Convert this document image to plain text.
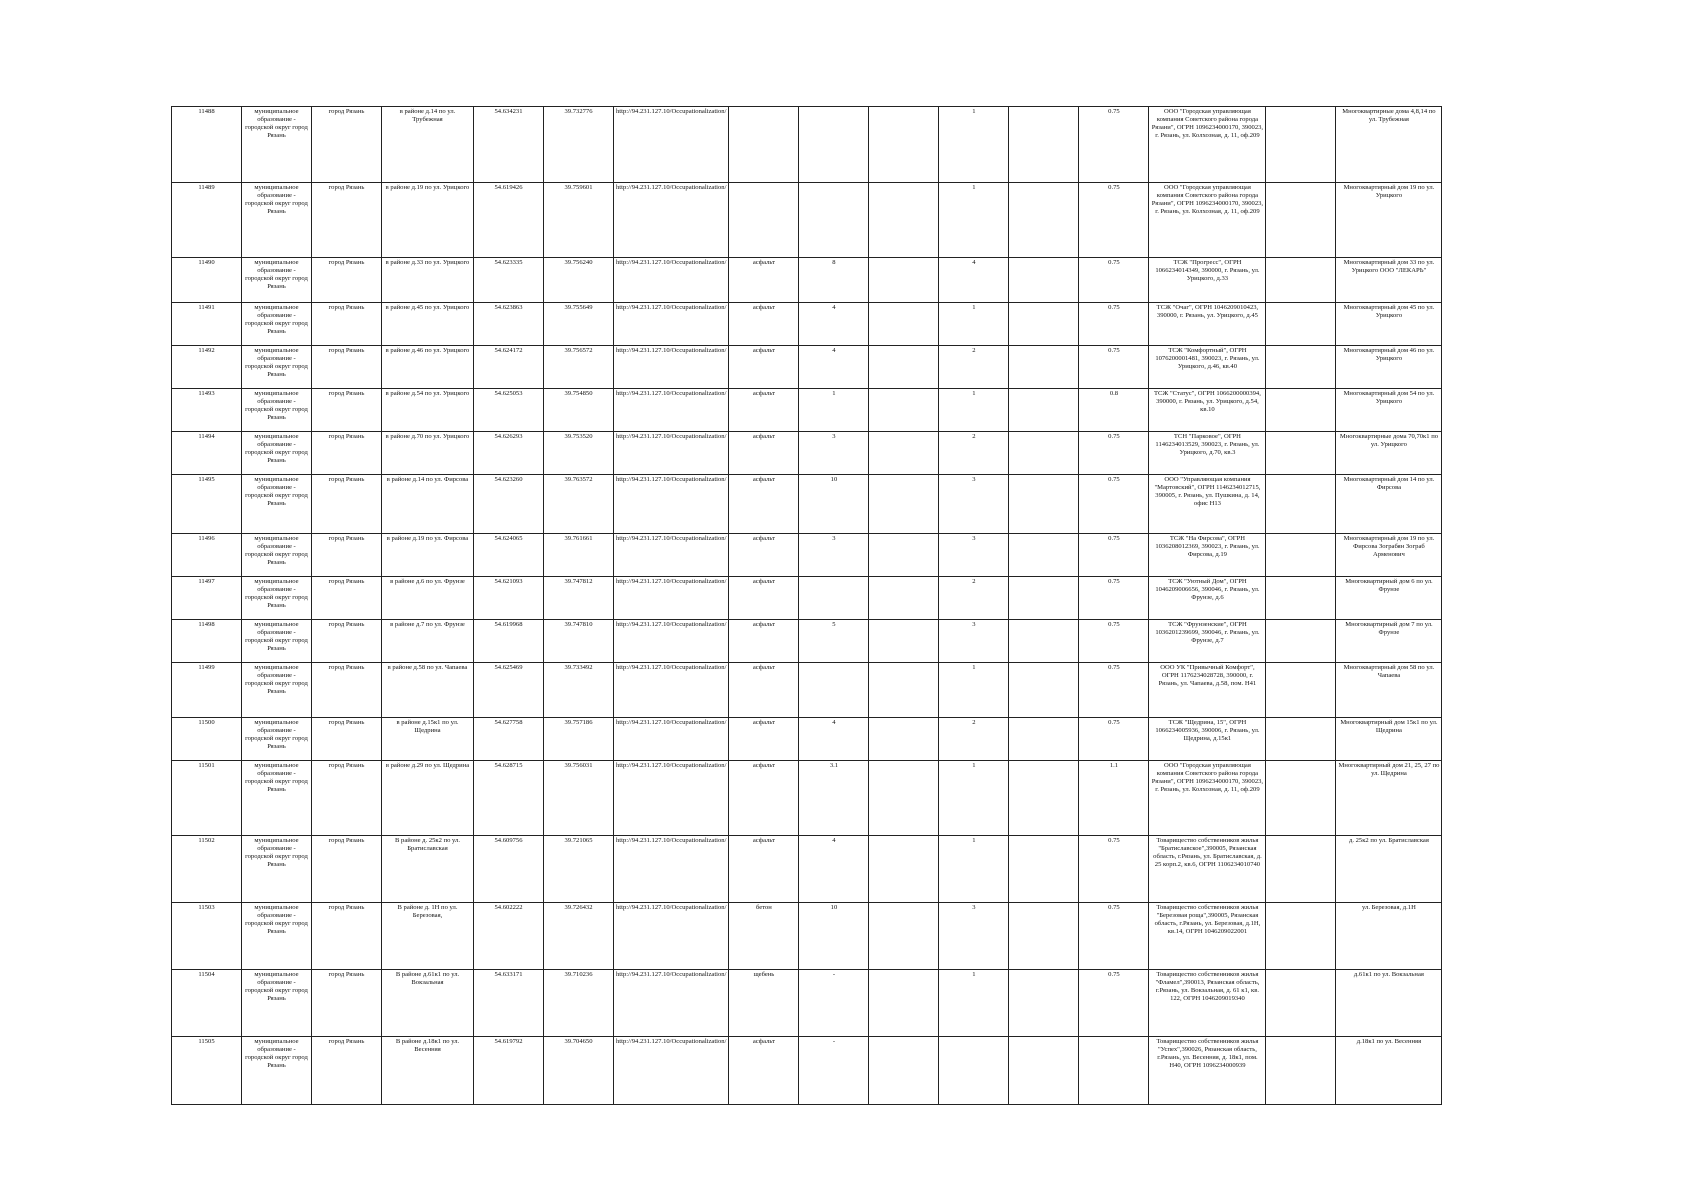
11488	муниципальное образование - городской округ город Рязань	город Рязань	в районе д.14 по ул. Трубежная	54.634231	39.732776	http://94.231.127.10/Occupationalization/				1		0.75	ООО "Городская управляющая компания Советского района города Рязани", ОГРН 1096234000170, 390023, г. Рязань, ул. Колхозная, д. 11, оф.209		Многоквартирные дома 4,8,14 по ул. Трубежная
11489	муниципальное образование - городской округ город Рязань	город Рязань	в районе д.19 по ул. Урицкого	54.619426	39.759601	http://94.231.127.10/Occupationalization/				1		0.75	ООО "Городская управляющая компания Советского района города Рязани", ОГРН 1096234000170, 390023, г. Рязань, ул. Колхозная, д. 11, оф.209		Многоквартирный дом 19 по ул. Урицкого
11490	муниципальное образование - городской округ город Рязань	город Рязань	в районе д.33 по ул. Урицкого	54.623335	39.756240	http://94.231.127.10/Occupationalization/	асфальт	8		4		0.75	ТСЖ "Прогресс", ОГРН 1066234014349, 390000, г. Рязань, ул. Урицкого, д.33		Многоквартирный дом 33 по ул. Урицкого ООО "ЛЕКАРЬ"
11491	муниципальное образование - городской округ город Рязань	город Рязань	в районе д.45 по ул. Урицкого	54.623863	39.755649	http://94.231.127.10/Occupationalization/	асфальт	4		1		0.75	ТСЖ "Очаг", ОГРН 1046209010423, 390000, г. Рязань, ул. Урицкого, д.45		Многоквартирный дом 45 по ул. Урицкого
11492	муниципальное образование - городской округ город Рязань	город Рязань	в районе д.46 по ул. Урицкого	54.624172	39.756572	http://94.231.127.10/Occupationalization/	асфальт	4		2		0.75	ТСЖ "Комфортный", ОГРН 1076200001481, 390023, г. Рязань, ул. Урицкого, д.46, кв.40		Многоквартирный дом 46 по ул. Урицкого
11493	муниципальное образование - городской округ город Рязань	город Рязань	в районе д.54 по ул. Урицкого	54.625053	39.754850	http://94.231.127.10/Occupationalization/	асфальт	1		1		0.8	ТСЖ "Статус", ОГРН 1066200000394, 390000, г. Рязань, ул. Урицкого, д.54, кв.10		Многоквартирный дом 54 по ул. Урицкого
11494	муниципальное образование - городской округ город Рязань	город Рязань	в районе д.70 по ул. Урицкого	54.626293	39.753520	http://94.231.127.10/Occupationalization/	асфальт	3		2		0.75	ТСН "Парковое", ОГРН 1146234013529, 390023, г. Рязань, ул. Урицкого, д.70, кв.3		Многоквартирные дома 70,70к1 по ул. Урицкого
11495	муниципальное образование - городской округ город Рязань	город Рязань	в районе д.14 по ул. Фирсова	54.623260	39.763572	http://94.231.127.10/Occupationalization/	асфальт	10		3		0.75	ООО "Управляющая компания "Мартовский", ОГРН 1146234012715, 390005, г. Рязань, ул. Пушкина, д. 14, офис Н13		Многоквартирный дом 14 по ул. Фирсова
11496	муниципальное образование - городской округ город Рязань	город Рязань	в районе д.19 по ул. Фирсова	54.624065	39.761661	http://94.231.127.10/Occupationalization/	асфальт	3		3		0.75	ТСЖ "На Фирсова", ОГРН 1036208012369, 390023, г. Рязань, ул. Фирсова, д.19		Многоквартирный дом 19 по ул. Фирсова Зограбян Зограб Арменович
11497	муниципальное образование - городской округ город Рязань	город Рязань	в районе д.6 по ул. Фрунзе	54.621093	39.747812	http://94.231.127.10/Occupationalization/	асфальт			2		0.75	ТСЖ "Уютный Дом", ОГРН 1046209006656, 390046, г. Рязань, ул. Фрунзе, д.6		Многоквартирный дом 6 по ул. Фрунзе
11498	муниципальное образование - городской округ город Рязань	город Рязань	в районе д.7 по ул. Фрунзе	54.619968	39.747810	http://94.231.127.10/Occupationalization/	асфальт	5		3		0.75	ТСЖ "Фрунзенские", ОГРН 1036201239699, 390046, г. Рязань, ул. Фрунзе, д.7		Многоквартирный дом 7 по ул. Фрунзе
11499	муниципальное образование - городской округ город Рязань	город Рязань	в районе д.58 по ул. Чапаева	54.625469	39.733492	http://94.231.127.10/Occupationalization/	асфальт			1		0.75	ООО УК "Привычный Комфорт", ОГРН 1176234028728, 390000, г. Рязань, ул. Чапаева, д.58, пом. Н41		Многоквартирный дом 58 по ул. Чапаева
11500	муниципальное образование - городской округ город Рязань	город Рязань	в районе д.15к1 по ул. Щедрина	54.627758	39.757186	http://94.231.127.10/Occupationalization/	асфальт	4		2		0.75	ТСЖ "Щедрина, 15", ОГРН 1066234005936, 390006, г. Рязань, ул. Щедрина, д.15к1		Многоквартирный дом 15к1 по ул. Щедрина
11501	муниципальное образование - городской округ город Рязань	город Рязань	в районе д.29 по ул. Щедрина	54.628715	39.756031	http://94.231.127.10/Occupationalization/	асфальт	3.1		1		1.1	ООО "Городская управляющая компания Советского района города Рязани", ОГРН 1096234000170, 390023, г. Рязань, ул. Колхозная, д. 11, оф.209		Многоквартирный дом 21, 25, 27 по ул. Щедрина
11502	муниципальное образование - городской округ город Рязань	город Рязань	В районе д. 25к2 по ул. Братиславская	54.609756	39.721065	http://94.231.127.10/Occupationalization/	асфальт	4		1		0.75	Товарищество собственников жилья "Братиславское",390005, Рязанская область, г.Рязань, ул. Братиславская, д. 25 корп.2, кв.6, ОГРН 1106234010740		д. 25к2 по ул. Братиславская
11503	муниципальное образование - городской округ город Рязань	город Рязань	В районе д. 1Н по ул. Березовая,	54.602222	39.726432	http://94.231.127.10/Occupationalization/	бетон	10		3		0.75	Товарищество собственников жилья "Березовая роща",390005, Рязанская область, г.Рязань, ул. Березовая, д.1Н, кв.14, ОГРН 1046209022001		ул. Березовая, д.1Н
11504	муниципальное образование - городской округ город Рязань	город Рязань	В районе д.61к1 по ул. Вокзальная	54.633171	39.710236	http://94.231.127.10/Occupationalization/	щебень	-		1		0.75	Товарищество собственников жилья "Фламел",390013, Рязанская область, г.Рязань, ул. Вокзальная, д. 61 к1, кв. 122, ОГРН 1046209019340		д.61к1 по ул. Вокзальная
11505	муниципальное образование - городской округ город Рязань	город Рязань	В районе д.18к1 по ул. Весенняя	54.619792	39.704650	http://94.231.127.10/Occupationalization/	асфальт	-					Товарищество собственников жилья "Успех",390026, Рязанская область, г.Рязань, ул. Весенняя, д. 18к1, пом. Н40, ОГРН 1096234000939		д.18к1 по ул. Весенняя
